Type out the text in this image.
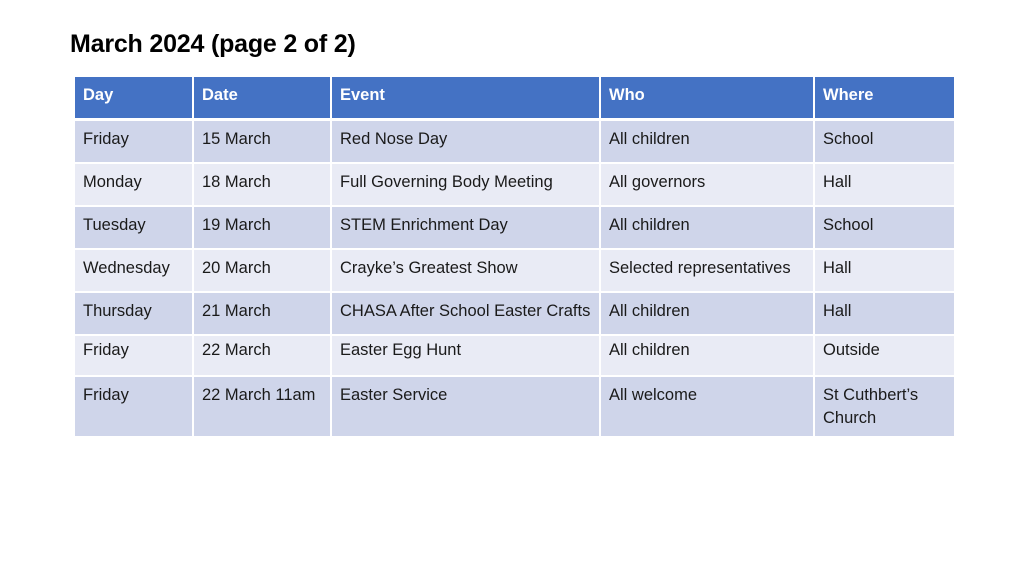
March 2024 (page 2 of 2)
Day	Date	Event	Who	Where
Friday	15 March	Red Nose Day	All children	School
Monday	18 March	Full Governing Body Meeting	All governors	Hall
Tuesday	19 March	STEM Enrichment Day	All children	School
Wednesday	20 March	Crayke’s Greatest Show	Selected representatives	Hall
Thursday	21 March	CHASA After School Easter Crafts	All children	Hall
Friday	22 March	Easter Egg Hunt	All children	Outside
Friday	22 March 11am	Easter Service	All welcome	St Cuthbert’s Church
